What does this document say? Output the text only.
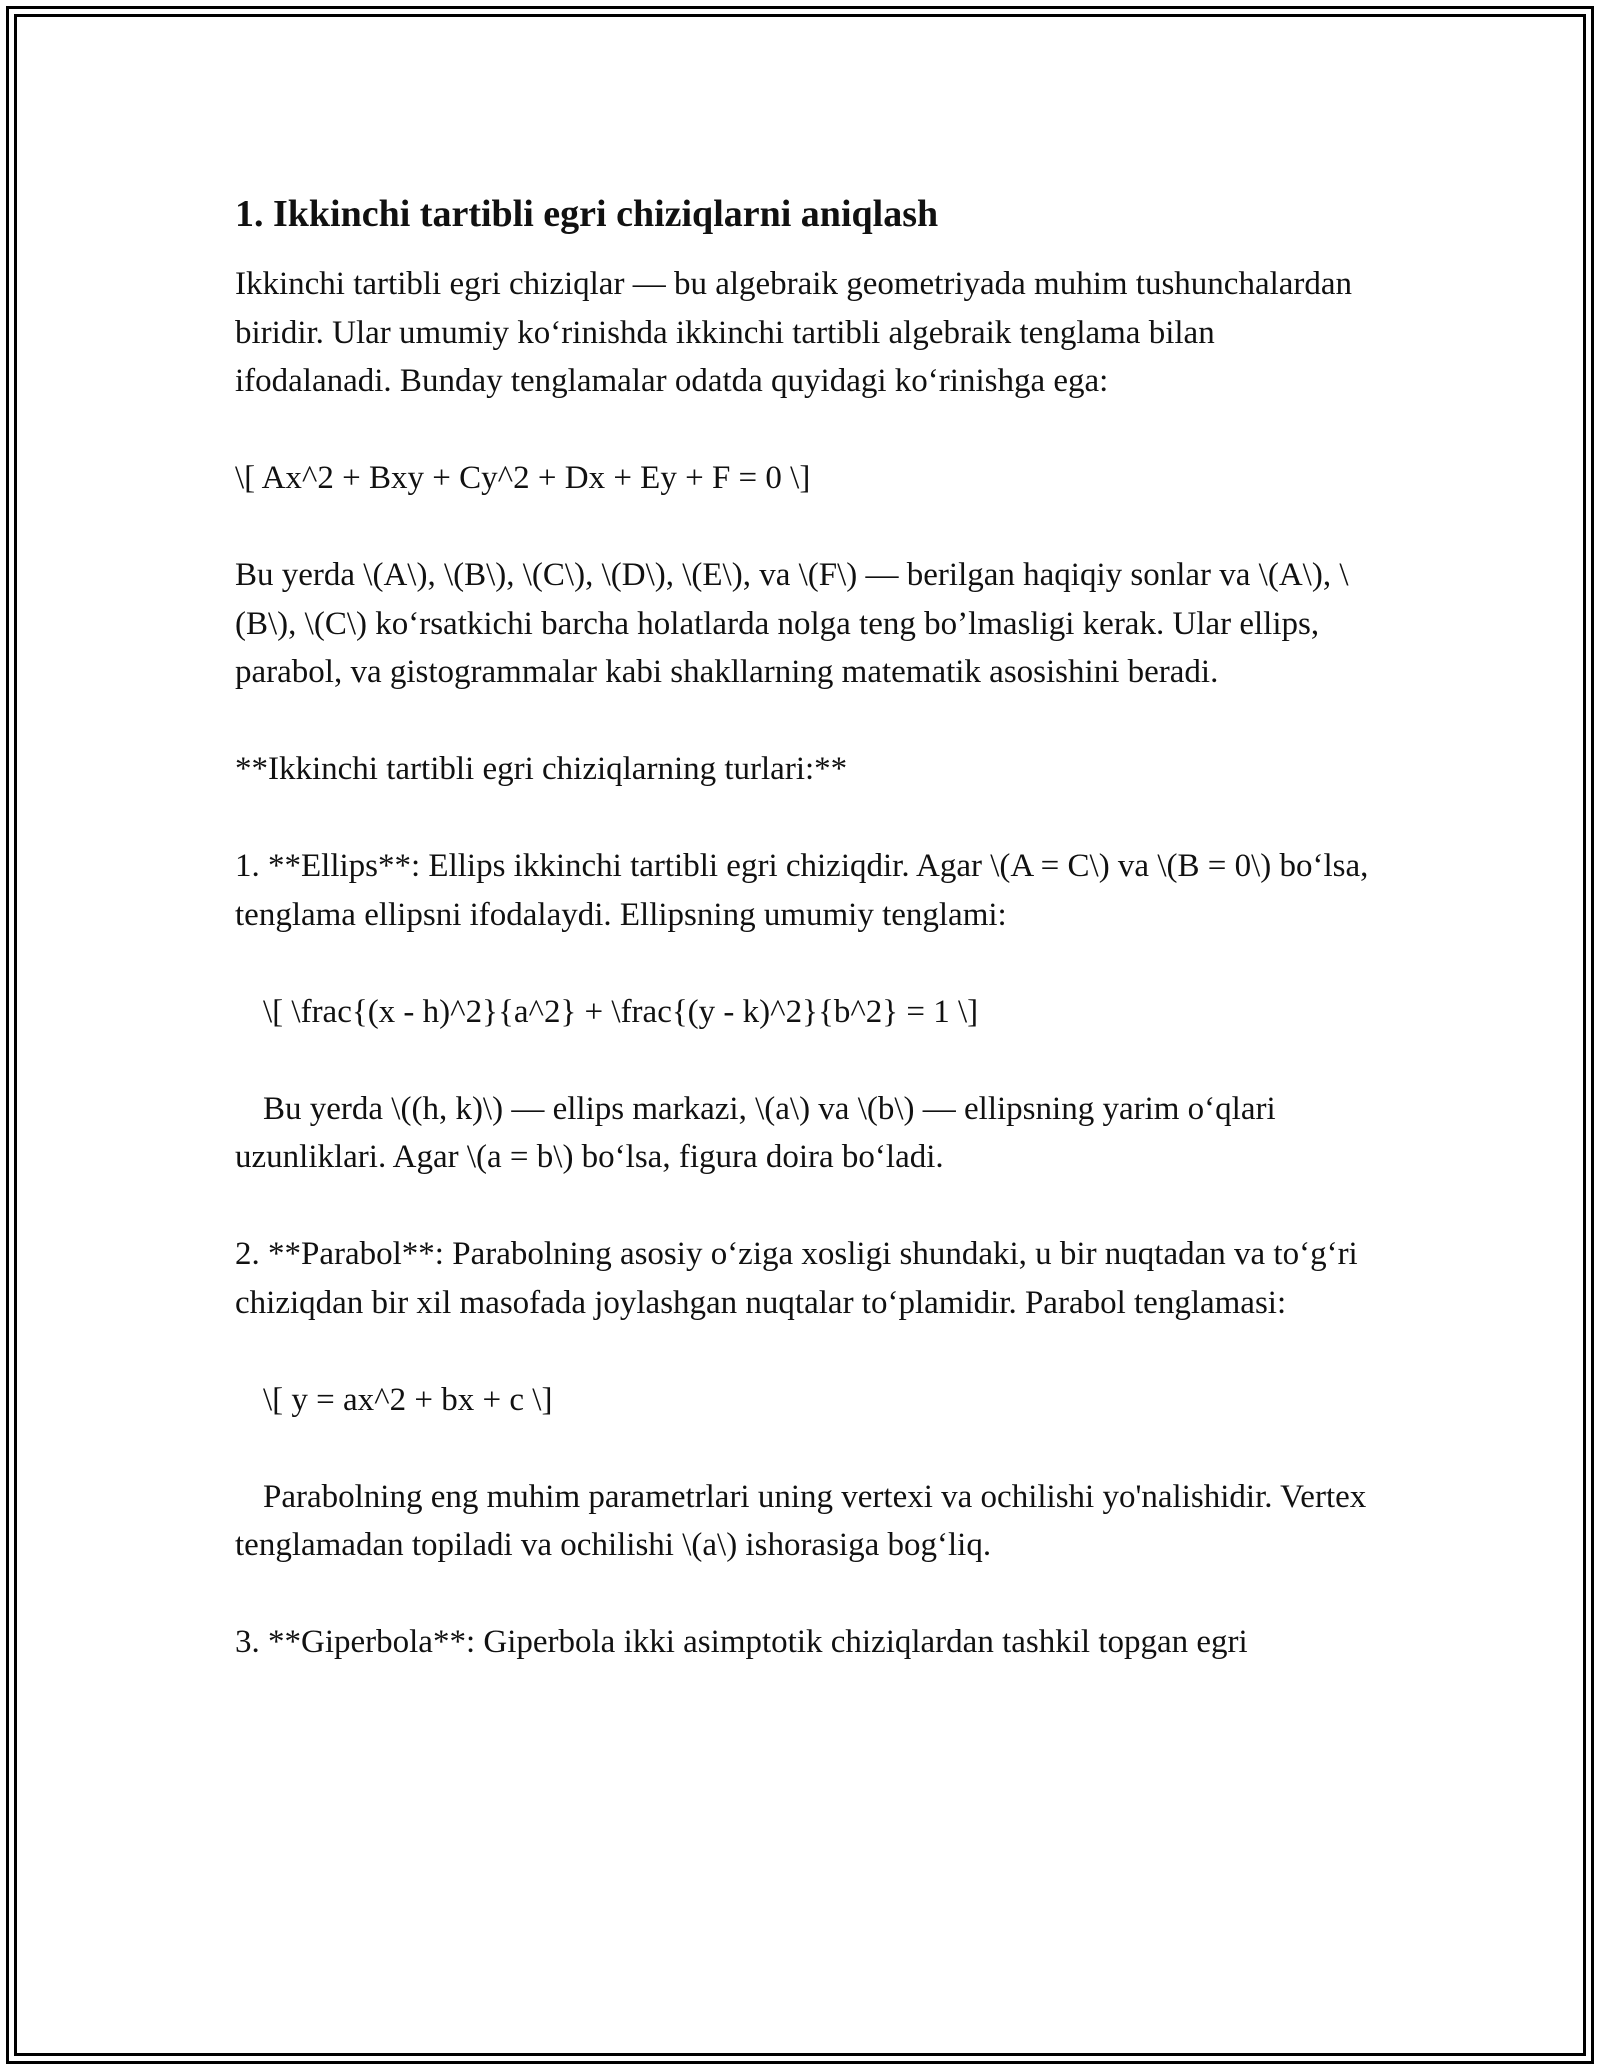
1. Ikkinchi tartibli egri chiziqlarni aniqlash

Ikkinchi tartibli egri chiziqlar — bu algebraik geometriyada muhim tushunchalardan biridir. Ular umumiy koʻrinishda ikkinchi tartibli algebraik tenglama bilan ifodalanadi. Bunday tenglamalar odatda quyidagi koʻrinishga ega:

\[ Ax^2 + Bxy + Cy^2 + Dx + Ey + F = 0 \]

Bu yerda \(A\), \(B\), \(C\), \(D\), \(E\), va \(F\) — berilgan haqiqiy sonlar va \(A\), \(B\), \(C\) koʻrsatkichi barcha holatlarda nolga teng bo’lmasligi kerak. Ular ellips, parabol, va gistogrammalar kabi shakllarning matematik asosishini beradi.

**Ikkinchi tartibli egri chiziqlarning turlari:**

1. **Ellips**: Ellips ikkinchi tartibli egri chiziqdir. Agar \(A = C\) va \(B = 0\) boʻlsa, tenglama ellipsni ifodalaydi. Ellipsning umumiy tenglami:

\[ \frac{(x - h)^2}{a^2} + \frac{(y - k)^2}{b^2} = 1 \]

Bu yerda \((h, k)\) — ellips markazi, \(a\) va \(b\) — ellipsning yarim oʻqlari uzunliklari. Agar \(a = b\) boʻlsa, figura doira boʻladi.

2. **Parabol**: Parabolning asosiy oʻziga xosligi shundaki, u bir nuqtadan va toʻgʻri chiziqdan bir xil masofada joylashgan nuqtalar toʻplamidir. Parabol tenglamasi:

\[ y = ax^2 + bx + c \]

Parabolning eng muhim parametrlari uning vertexi va ochilishi yo'nalishidir. Vertex tenglamadan topiladi va ochilishi \(a\) ishorasiga bogʻliq.

3. **Giperbola**: Giperbola ikki asimptotik chiziqlardan tashkil topgan egri
